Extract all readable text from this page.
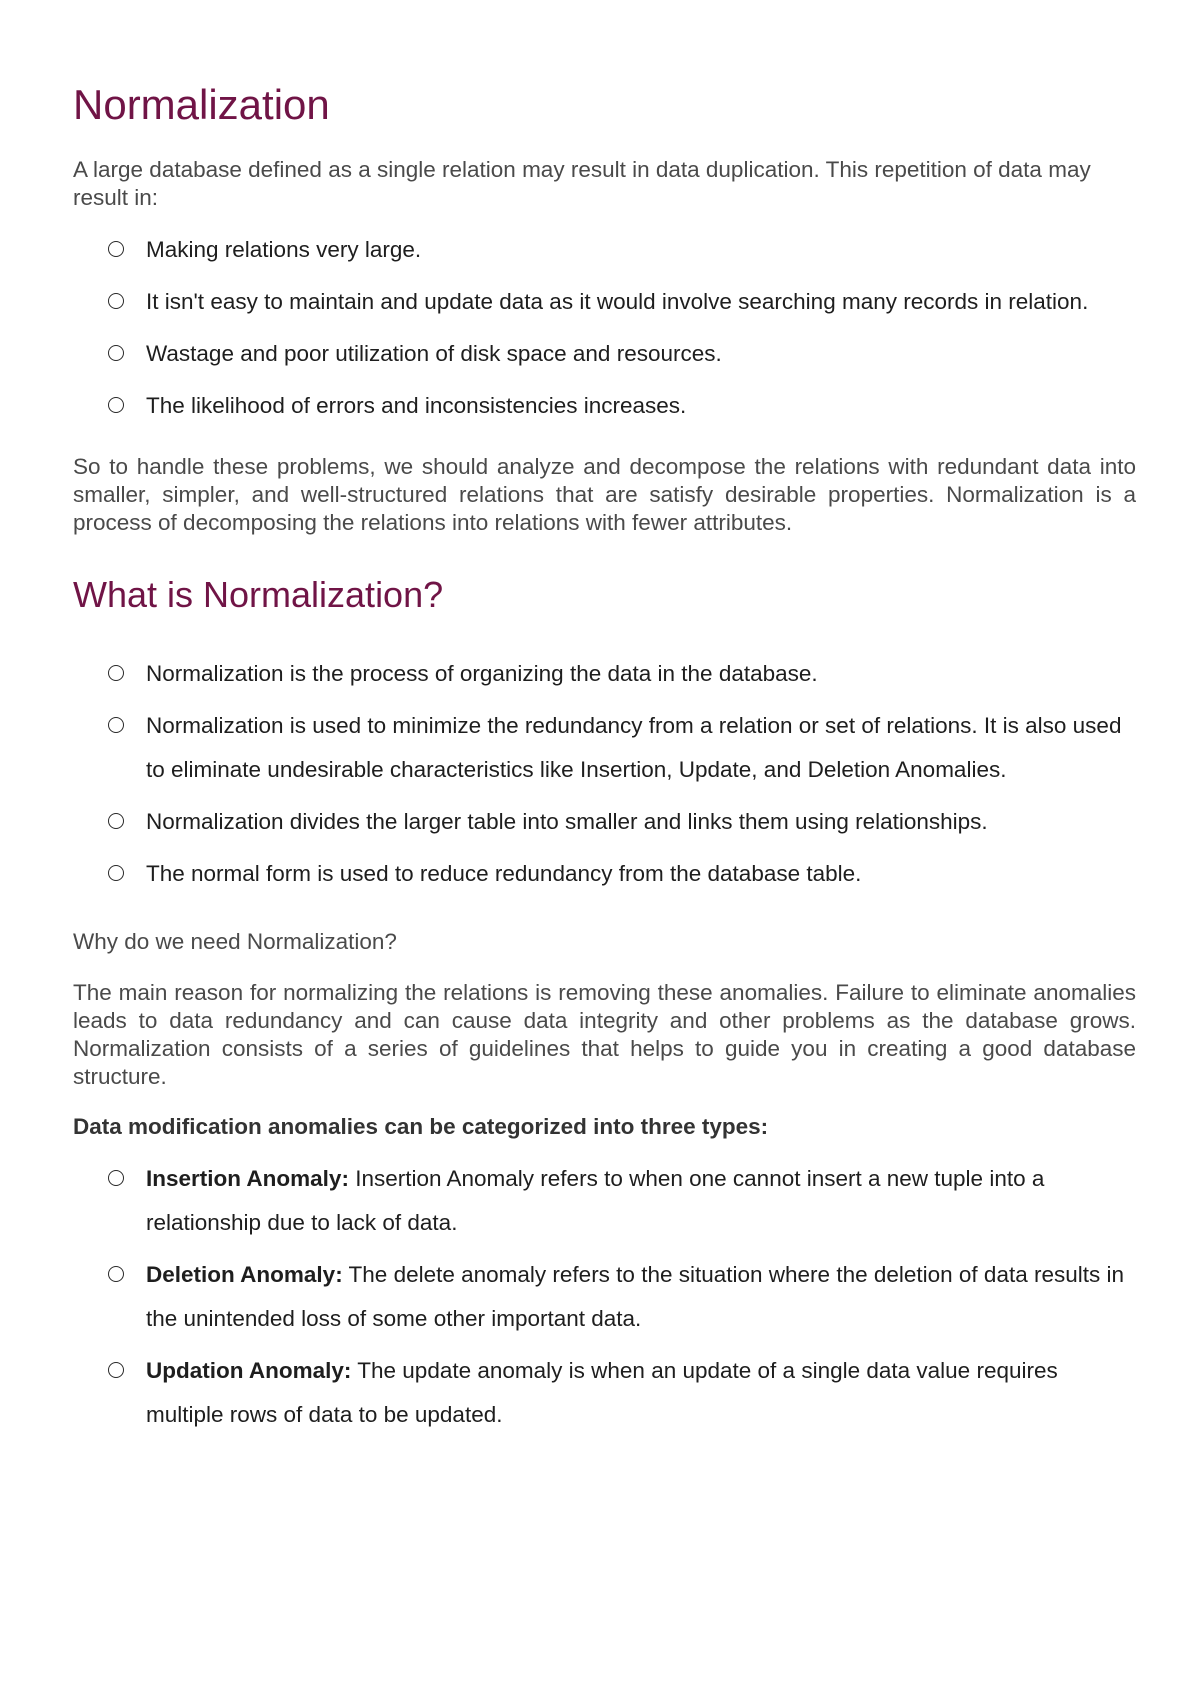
Normalization

A large database defined as a single relation may result in data duplication. This repetition of data may result in:

Making relations very large.
It isn't easy to maintain and update data as it would involve searching many records in relation.
Wastage and poor utilization of disk space and resources.
The likelihood of errors and inconsistencies increases.

So to handle these problems, we should analyze and decompose the relations with redundant data into smaller, simpler, and well-structured relations that are satisfy desirable properties. Normalization is a process of decomposing the relations into relations with fewer attributes.

What is Normalization?
Normalization is the process of organizing the data in the database.
Normalization is used to minimize the redundancy from a relation or set of relations. It is also used to eliminate undesirable characteristics like Insertion, Update, and Deletion Anomalies.
Normalization divides the larger table into smaller and links them using relationships.
The normal form is used to reduce redundancy from the database table.

Why do we need Normalization?

The main reason for normalizing the relations is removing these anomalies. Failure to eliminate anomalies leads to data redundancy and can cause data integrity and other problems as the database grows. Normalization consists of a series of guidelines that helps to guide you in creating a good database structure.

Data modification anomalies can be categorized into three types:

Insertion Anomaly: Insertion Anomaly refers to when one cannot insert a new tuple into a relationship due to lack of data.
Deletion Anomaly: The delete anomaly refers to the situation where the deletion of data results in the unintended loss of some other important data.
Updation Anomaly: The update anomaly is when an update of a single data value requires multiple rows of data to be updated.
